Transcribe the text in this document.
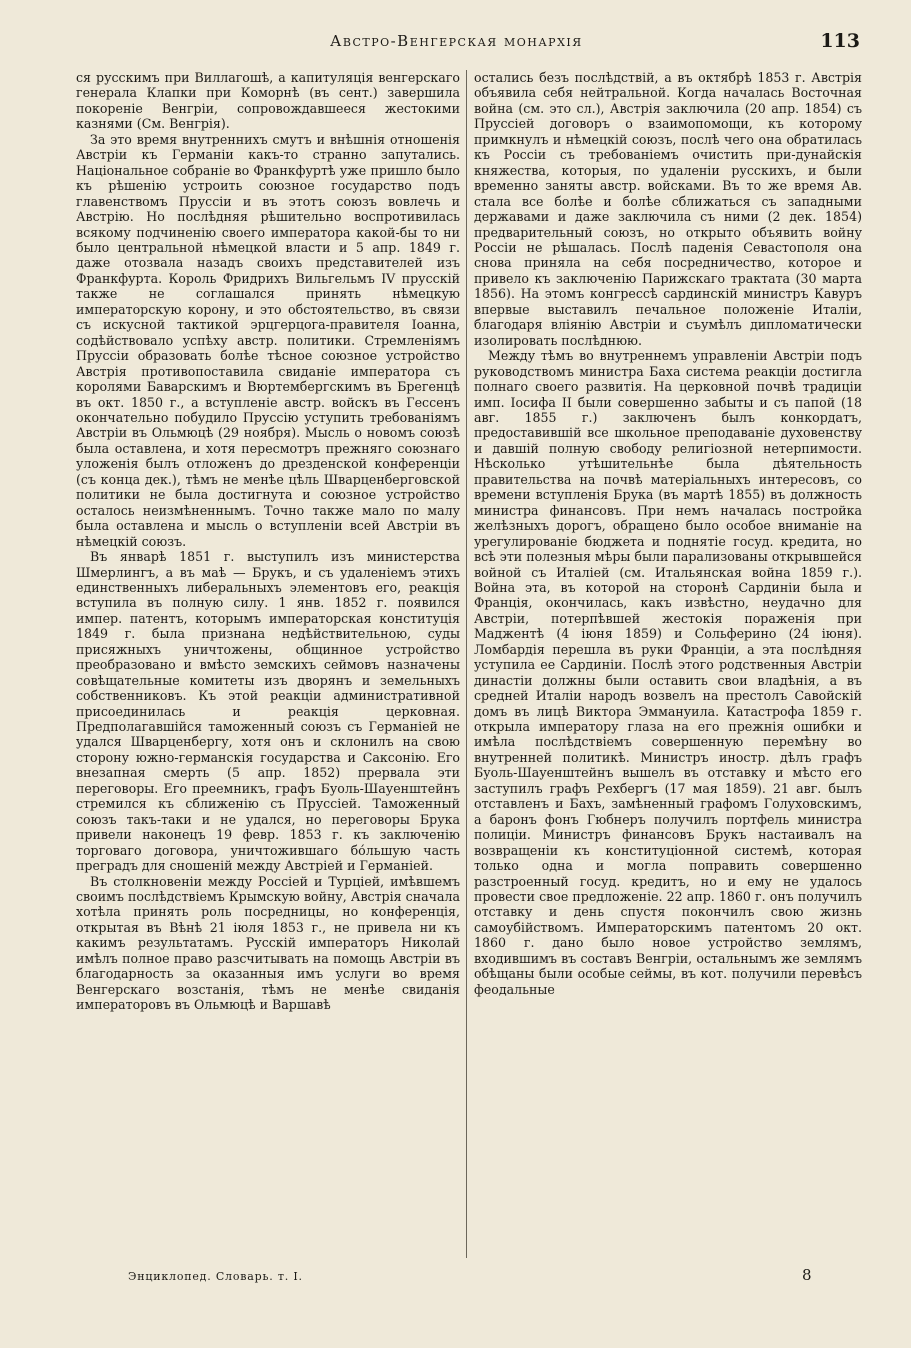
Австро-Венгерская монархія	113

ся русскимъ при Виллагошѣ, а капитуляція венгерскаго генерала Клапки при Коморнѣ (въ сент.) завершила покореніе Венгріи, сопровождавшееся жестокими казнями (См. Венгрія).

За это время внутреннихъ смутъ и внѣшнія отношенія Австріи къ Германіи какъ-то странно запутались. Національное собраніе во Франкфуртѣ уже пришло было къ рѣшенію устроить союзное государство подъ главенствомъ Пруссіи и въ этотъ союзъ вовлечь и Австрію. Но послѣдняя рѣшительно воспротивилась всякому подчиненію своего императора какой-бы то ни было центральной нѣмецкой власти и 5 апр. 1849 г. даже отозвала назадъ своихъ представителей изъ Франкфурта. Король Фридрихъ Вильгельмъ IV прусскій также не соглашался принять нѣмецкую императорскую корону, и это обстоятельство, въ связи съ искусной тактикой эрцгерцога-правителя Іоанна, содѣйствовало успѣху австр. политики. Стремленіямъ Пруссіи образовать болѣе тѣсное союзное устройство Австрія противопоставила свиданіе императора съ королями Баварскимъ и Вюртембергскимъ въ Брегенцѣ въ окт. 1850 г., а вступленіе австр. войскъ въ Гессенъ окончательно побудило Пруссію уступить требованіямъ Австріи въ Ольмюцѣ (29 ноября). Мысль о новомъ союзѣ была оставлена, и хотя пересмотръ прежняго союзнаго уложенія былъ отложенъ до дрезденской конференціи (съ конца дек.), тѣмъ не менѣе цѣль Шварценберговской политики не была достигнута и союзное устройство осталось неизмѣненнымъ. Точно также мало по малу была оставлена и мысль о вступленіи всей Австріи въ нѣмецкій союзъ.

Въ январѣ 1851 г. выступилъ изъ министерства Шмерлингъ, а въ маѣ — Брукъ, и съ удаленіемъ этихъ единственныхъ либеральныхъ элементовъ его, реакція вступила въ полную силу. 1 янв. 1852 г. появился импер. патентъ, которымъ императорская конституція 1849 г. была признана недѣйствительною, суды присяжныхъ уничтожены, общинное устройство преобразовано и вмѣсто земскихъ сеймовъ назначены совѣщательные комитеты изъ дворянъ и земельныхъ собственниковъ. Къ этой реакціи административной присоединилась и реакція церковная. Предполагавшійся таможенный союзъ съ Германіей не удался Шварценбергу, хотя онъ и склонилъ на свою сторону южно-германскія государства и Саксонію. Его внезапная смерть (5 апр. 1852) прервала эти переговоры. Его преемникъ, графъ Буоль-Шауенштейнъ стремился къ сближенію съ Пруссіей. Таможенный союзъ такъ-таки и не удался, но переговоры Брука привели наконецъ 19 февр. 1853 г. къ заключенію торговаго договора, уничтожившаго бо́льшую часть преградъ для сношеній между Австріей и Германіей.

Въ столкновеніи между Россіей и Турціей, имѣвшемъ своимъ послѣдствіемъ Крымскую войну, Австрія сначала хотѣла принять роль посредницы, но конференція, открытая въ Вѣнѣ 21 іюля 1853 г., не привела ни къ какимъ результатамъ. Русскій императоръ Николай имѣлъ полное право разсчитывать на помощь Австріи въ благодарность за оказанныя имъ услуги во время Венгерскаго возстанія, тѣмъ не менѣе свиданія императоровъ въ Ольмюцѣ и Варшавѣ

остались безъ послѣдствій, а въ октябрѣ 1853 г. Австрія объявила себя нейтральной. Когда началась Восточная война (см. это сл.), Австрія заключила (20 апр. 1854) съ Пруссіей договоръ о взаимопомощи, къ которому примкнулъ и нѣмецкій союзъ, послѣ чего она обратилась къ Россіи съ требованіемъ очистить при-дунайскія княжества, которыя, по удаленіи русскихъ, и были временно заняты австр. войсками. Въ то же время Ав. стала все болѣе и болѣе сближаться съ западными державами и даже заключила съ ними (2 дек. 1854) предварительный союзъ, но открыто объявить войну Россіи не рѣшалась. Послѣ паденія Севастополя она снова приняла на себя посредничество, которое и привело къ заключенію Парижскаго трактата (30 марта 1856). На этомъ конгрессѣ сардинскій министръ Кавуръ впервые выставилъ печальное положеніе Италіи, благодаря вліянію Австріи и съумѣлъ дипломатически изолировать послѣднюю.

Между тѣмъ во внутреннемъ управленіи Австріи подъ руководствомъ министра Баха система реакціи достигла полнаго своего развитія. На церковной почвѣ традиціи имп. Іосифа II были совершенно забыты и съ папой (18 авг. 1855 г.) заключенъ былъ конкордатъ, предоставившій все школьное преподаваніе духовенству и давшій полную свободу религіозной нетерпимости. Нѣсколько утѣшительнѣе была дѣятельность правительства на почвѣ матеріальныхъ интересовъ, со времени вступленія Брука (въ мартѣ 1855) въ должность министра финансовъ. При немъ началась постройка желѣзныхъ дорогъ, обращено было особое вниманіе на урегулированіе бюджета и поднятіе госуд. кредита, но всѣ эти полезныя мѣры были парализованы открывшейся войной съ Италіей (см. Итальянская война 1859 г.). Война эта, въ которой на сторонѣ Сардиніи была и Франція, окончилась, какъ извѣстно, неудачно для Австріи, потерпѣвшей жестокія пораженія при Маджентѣ (4 іюня 1859) и Сольферино (24 іюня). Ломбардія перешла въ руки Франціи, а эта послѣдняя уступила ее Сардиніи. Послѣ этого родственныя Австріи династіи должны были оставить свои владѣнія, а въ средней Италіи народъ возвелъ на престолъ Савойскій домъ въ лицѣ Виктора Эммануила. Катастрофа 1859 г. открыла императору глаза на его прежнія ошибки и имѣла послѣдствіемъ совершенную перемѣну во внутренней политикѣ. Министръ иностр. дѣлъ графъ Буоль-Шауенштейнъ вышелъ въ отставку и мѣсто его заступилъ графъ Рехбергъ (17 мая 1859). 21 авг. былъ отставленъ и Бахъ, замѣненный графомъ Голуховскимъ, а баронъ фонъ Гюбнеръ получилъ портфель министра полиціи. Министръ финансовъ Брукъ настаивалъ на возвращеніи къ конституціонной системѣ, которая только одна и могла поправить совершенно разстроенный госуд. кредитъ, но и ему не удалось провести свое предложеніе. 22 апр. 1860 г. онъ получилъ отставку и день спустя покончилъ свою жизнь самоубійствомъ. Императорскимъ патентомъ 20 окт. 1860 г. дано было новое устройство землямъ, входившимъ въ составъ Венгріи, остальнымъ же землямъ обѣщаны были особые сеймы, въ кот. получили перевѣсъ феодальные

Энциклопед. Словарь. т. I.	8
